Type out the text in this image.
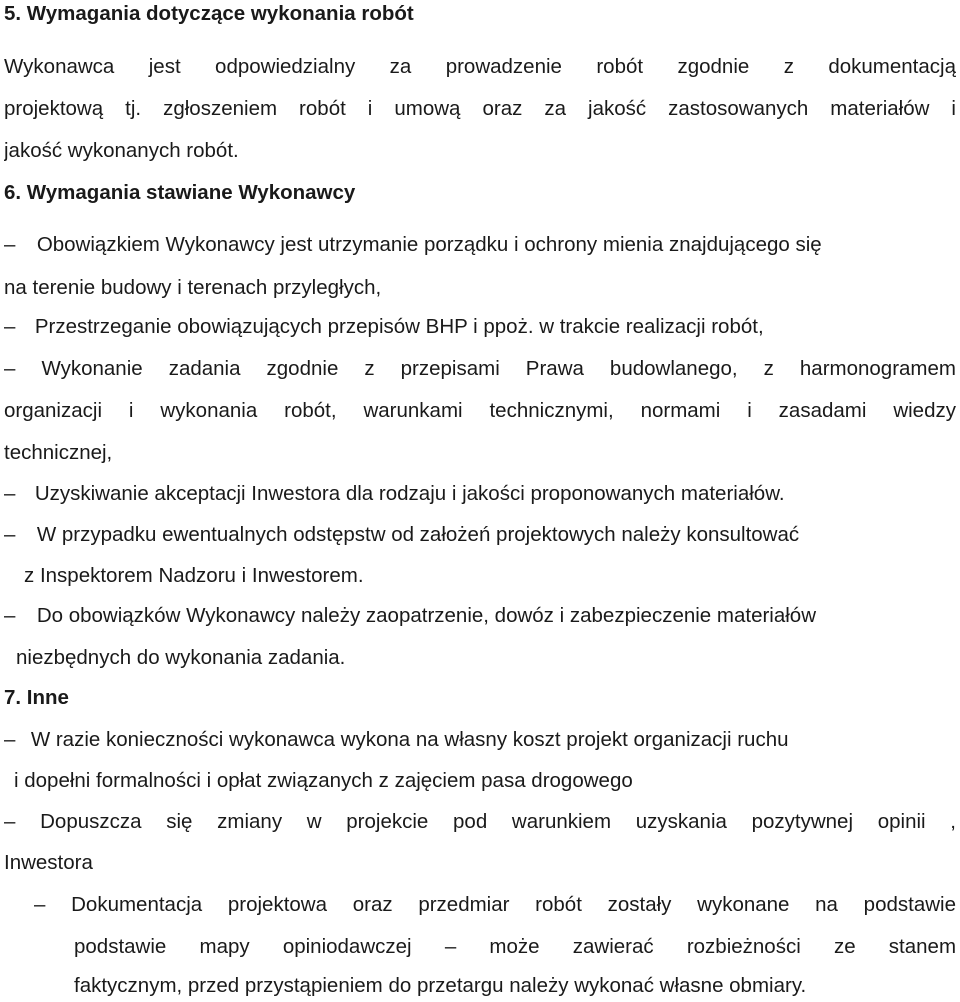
5. Wymagania dotyczące wykonania robót
Wykonawca jest odpowiedzialny za prowadzenie robót zgodnie z dokumentacją
projektową tj. zgłoszeniem robót i umową oraz za jakość zastosowanych materiałów i
jakość wykonanych robót.
6. Wymagania stawiane Wykonawcy
– Obowiązkiem Wykonawcy jest utrzymanie porządku i ochrony mienia znajdującego się
na terenie budowy i terenach przyległych,
– Przestrzeganie obowiązujących przepisów BHP i ppoż. w trakcie realizacji robót,
– Wykonanie zadania zgodnie z przepisami Prawa budowlanego, z harmonogramem
organizacji i wykonania robót, warunkami technicznymi, normami i zasadami wiedzy
technicznej,
– Uzyskiwanie akceptacji Inwestora dla rodzaju i jakości proponowanych materiałów.
– W przypadku ewentualnych odstępstw od założeń projektowych należy konsultować
z Inspektorem Nadzoru i Inwestorem.
– Do obowiązków Wykonawcy należy zaopatrzenie, dowóz i zabezpieczenie materiałów
niezbędnych do wykonania zadania.
7. Inne
– W razie konieczności wykonawca wykona na własny koszt projekt organizacji ruchu
i dopełni formalności i opłat związanych z zajęciem pasa drogowego
– Dopuszcza się zmiany w projekcie pod warunkiem uzyskania pozytywnej opinii ,
Inwestora
– Dokumentacja projektowa oraz przedmiar robót zostały wykonane na podstawie
podstawie mapy opiniodawczej – może zawierać rozbieżności ze stanem
faktycznym, przed przystąpieniem do przetargu należy wykonać własne obmiary.
